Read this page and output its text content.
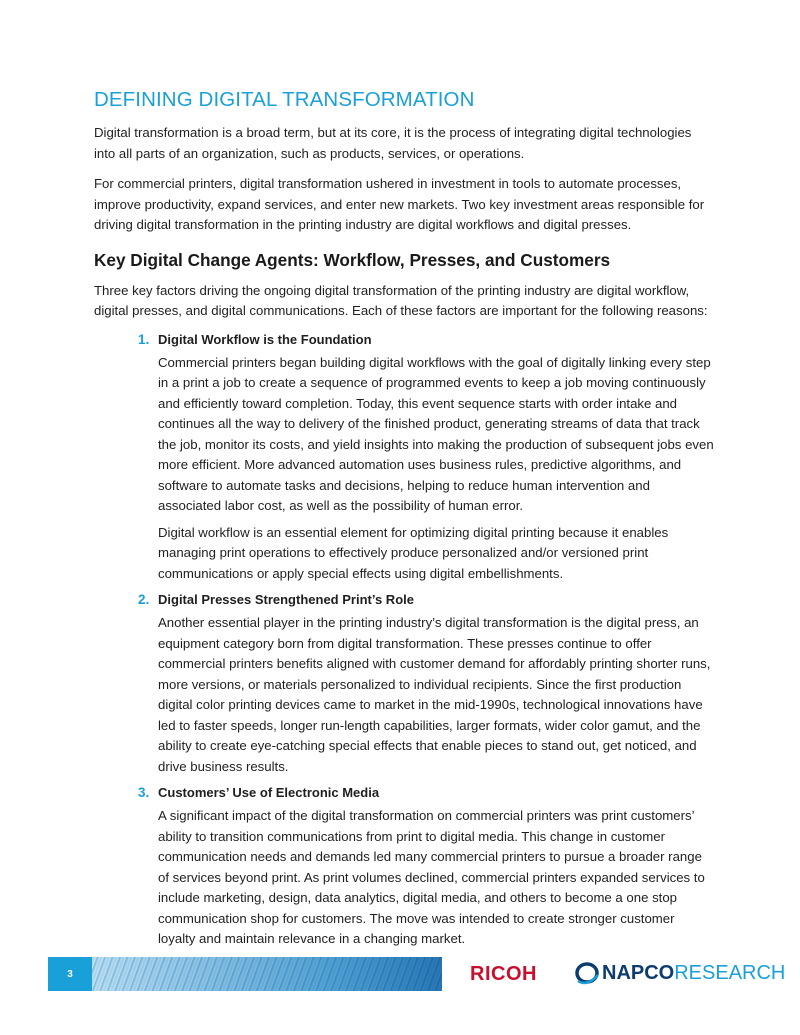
DEFINING DIGITAL TRANSFORMATION

Digital transformation is a broad term, but at its core, it is the process of integrating digital technologies into all parts of an organization, such as products, services, or operations.

For commercial printers, digital transformation ushered in investment in tools to automate processes, improve productivity, expand services, and enter new markets. Two key investment areas responsible for driving digital transformation in the printing industry are digital workflows and digital presses.

Key Digital Change Agents: Workflow, Presses, and Customers

Three key factors driving the ongoing digital transformation of the printing industry are digital workflow, digital presses, and digital communications. Each of these factors are important for the following reasons:

1. Digital Workflow is the Foundation

Commercial printers began building digital workflows with the goal of digitally linking every step in a print a job to create a sequence of programmed events to keep a job moving continuously and efficiently toward completion. Today, this event sequence starts with order intake and continues all the way to delivery of the finished product, generating streams of data that track the job, monitor its costs, and yield insights into making the production of subsequent jobs even more efficient. More advanced automation uses business rules, predictive algorithms, and software to automate tasks and decisions, helping to reduce human intervention and associated labor cost, as well as the possibility of human error.

Digital workflow is an essential element for optimizing digital printing because it enables managing print operations to effectively produce personalized and/or versioned print communications or apply special effects using digital embellishments.

2. Digital Presses Strengthened Print’s Role

Another essential player in the printing industry’s digital transformation is the digital press, an equipment category born from digital transformation. These presses continue to offer commercial printers benefits aligned with customer demand for affordably printing shorter runs, more versions, or materials personalized to individual recipients. Since the first production digital color printing devices came to market in the mid-1990s, technological innovations have led to faster speeds, longer run-length capabilities, larger formats, wider color gamut, and the ability to create eye-catching special effects that enable pieces to stand out, get noticed, and drive business results.

3. Customers’ Use of Electronic Media

A significant impact of the digital transformation on commercial printers was print customers’ ability to transition communications from print to digital media. This change in customer communication needs and demands led many commercial printers to pursue a broader range of services beyond print. As print volumes declined, commercial printers expanded services to include marketing, design, data analytics, digital media, and others to become a one stop communication shop for customers. The move was intended to create stronger customer loyalty and maintain relevance in a changing market.

3	RICOH	NAPCO RESEARCH
